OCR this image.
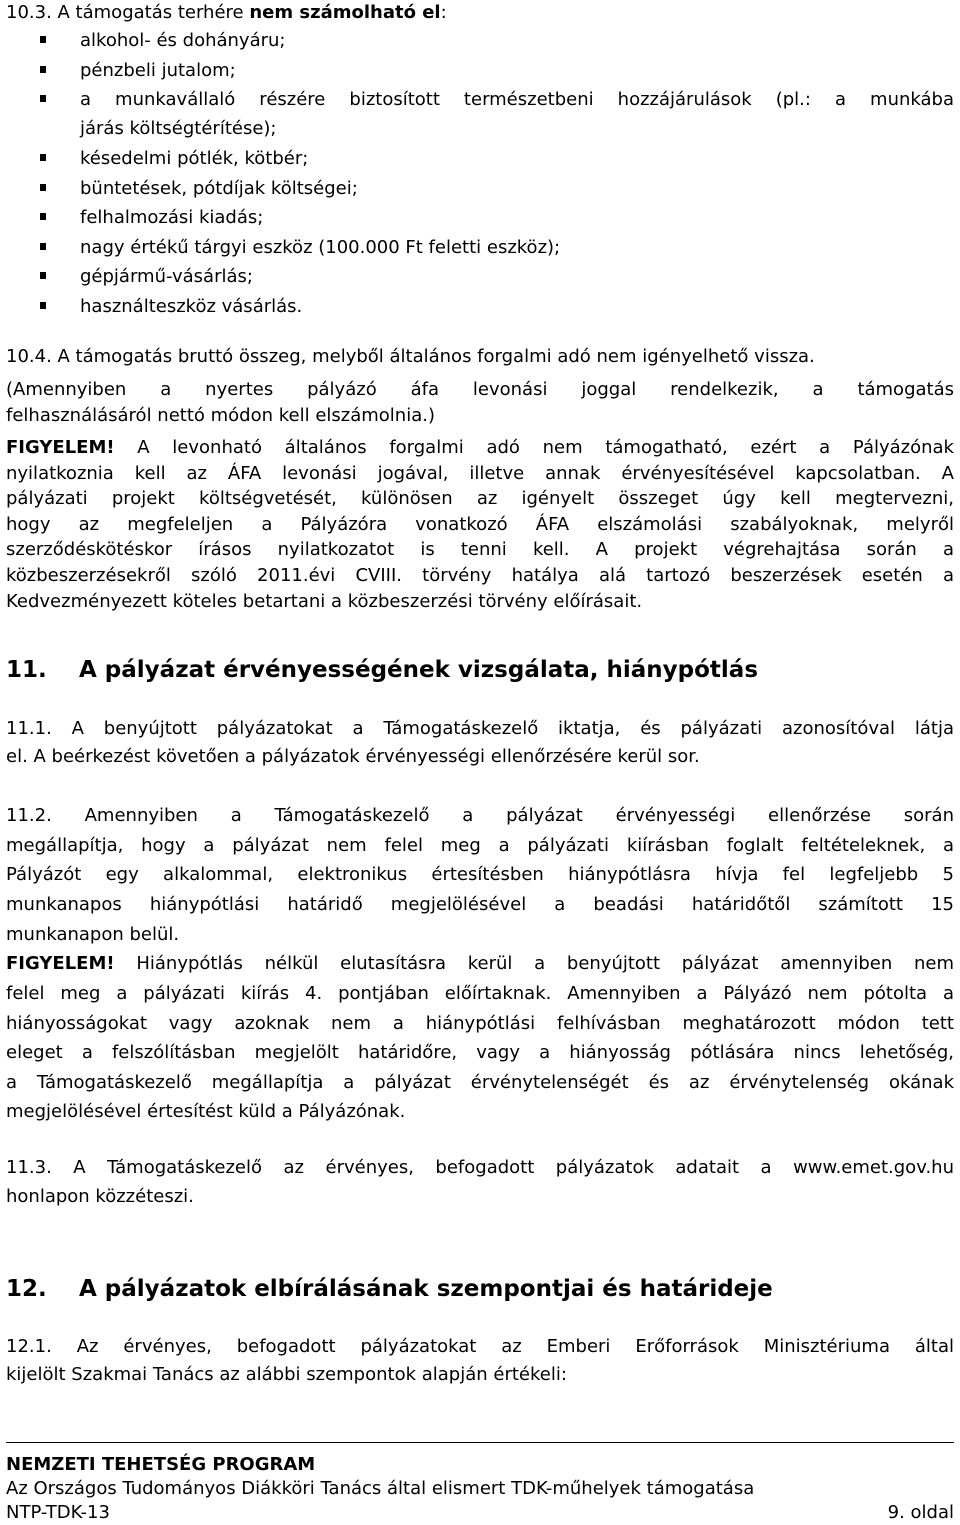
10.3. A támogatás terhére nem számolható el:
alkohol- és dohányáru;
pénzbeli jutalom;
a munkavállaló részére biztosított természetbeni hozzájárulások (pl.: a munkába
járás költségtérítése);
késedelmi pótlék, kötbér;
büntetések, pótdíjak költségei;
felhalmozási kiadás;
nagy értékű tárgyi eszköz (100.000 Ft feletti eszköz);
gépjármű-vásárlás;
használteszköz vásárlás.
10.4. A támogatás bruttó összeg, melyből általános forgalmi adó nem igényelhető vissza.
(Amennyiben a nyertes pályázó áfa levonási joggal rendelkezik, a támogatás
felhasználásáról nettó módon kell elszámolnia.)
FIGYELEM! A levonható általános forgalmi adó nem támogatható, ezért a Pályázónak
nyilatkoznia kell az ÁFA levonási jogával, illetve annak érvényesítésével kapcsolatban. A
pályázati projekt költségvetését, különösen az igényelt összeget úgy kell megtervezni,
hogy az megfeleljen a Pályázóra vonatkozó ÁFA elszámolási szabályoknak, melyről
szerződéskötéskor írásos nyilatkozatot is tenni kell. A projekt végrehajtása során a
közbeszerzésekről szóló 2011.évi CVIII. törvény hatálya alá tartozó beszerzések esetén a
Kedvezményezett köteles betartani a közbeszerzési törvény előírásait.
11. A pályázat érvényességének vizsgálata, hiánypótlás
11.1. A benyújtott pályázatokat a Támogatáskezelő iktatja, és pályázati azonosítóval látja
el. A beérkezést követően a pályázatok érvényességi ellenőrzésére kerül sor.
11.2. Amennyiben a Támogatáskezelő a pályázat érvényességi ellenőrzése során
megállapítja, hogy a pályázat nem felel meg a pályázati kiírásban foglalt feltételeknek, a
Pályázót egy alkalommal, elektronikus értesítésben hiánypótlásra hívja fel legfeljebb 5
munkanapos hiánypótlási határidő megjelölésével a beadási határidőtől számított 15
munkanapon belül.
FIGYELEM! Hiánypótlás nélkül elutasításra kerül a benyújtott pályázat amennyiben nem
felel meg a pályázati kiírás 4. pontjában előírtaknak. Amennyiben a Pályázó nem pótolta a
hiányosságokat vagy azoknak nem a hiánypótlási felhívásban meghatározott módon tett
eleget a felszólításban megjelölt határidőre, vagy a hiányosság pótlására nincs lehetőség,
a Támogatáskezelő megállapítja a pályázat érvénytelenségét és az érvénytelenség okának
megjelölésével értesítést küld a Pályázónak.
11.3. A Támogatáskezelő az érvényes, befogadott pályázatok adatait a www.emet.gov.hu
honlapon közzéteszi.
12. A pályázatok elbírálásának szempontjai és határideje
12.1. Az érvényes, befogadott pályázatokat az Emberi Erőforrások Minisztériuma által
kijelölt Szakmai Tanács az alábbi szempontok alapján értékeli:
NEMZETI TEHETSÉG PROGRAM
Az Országos Tudományos Diákköri Tanács által elismert TDK-műhelyek támogatása
NTP-TDK-13	9. oldal
